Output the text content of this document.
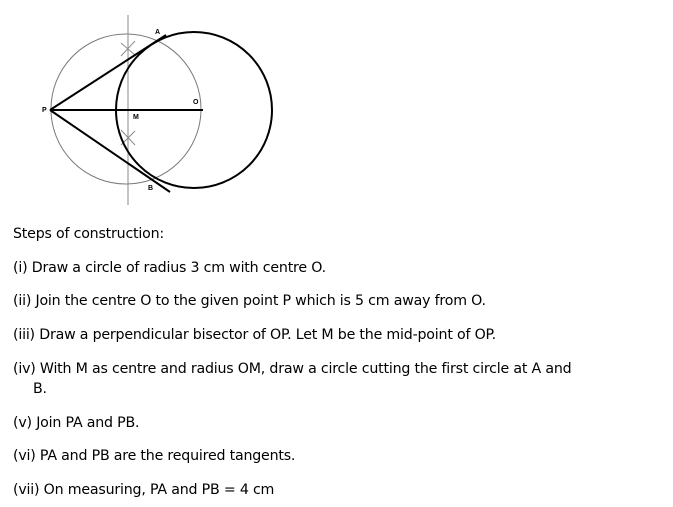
A
B
O
P
M
Steps of construction:
(i) Draw a circle of radius 3 cm with centre O.
(ii) Join the centre O to the given point P which is 5 cm away from O.
(iii) Draw a perpendicular bisector of OP. Let M be the mid-point of OP.
(iv) With M as centre and radius OM, draw a circle cutting the first circle at A and
B.
(v) Join PA and PB.
(vi) PA and PB are the required tangents.
(vii) On measuring, PA and PB = 4 cm
